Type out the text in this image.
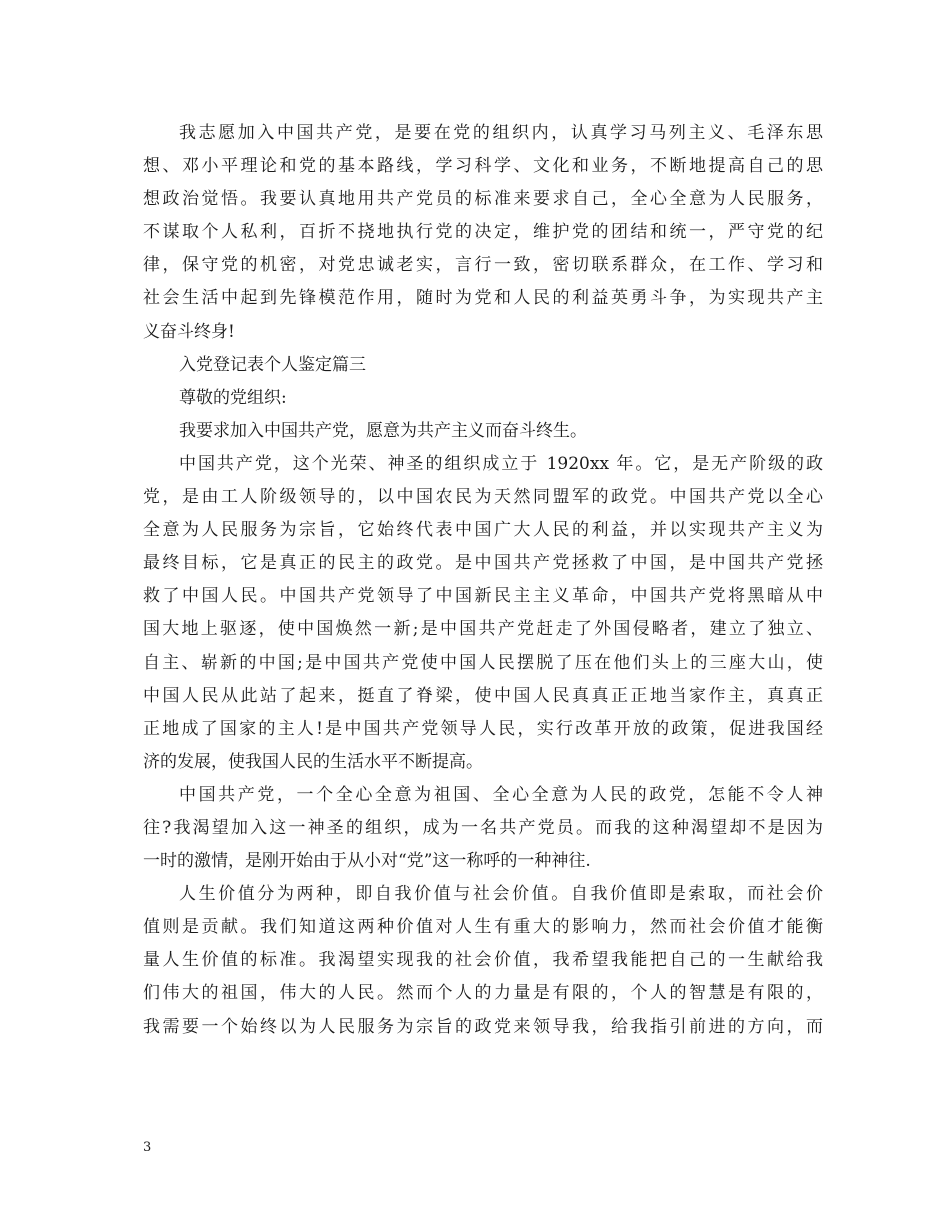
我志愿加入中国共产党，是要在党的组织内，认真学习马列主义、毛泽东思
想、邓小平理论和党的基本路线，学习科学、文化和业务，不断地提高自己的思
想政治觉悟。我要认真地用共产党员的标准来要求自己，全心全意为人民服务，
不谋取个人私利，百折不挠地执行党的决定，维护党的团结和统一，严守党的纪
律，保守党的机密，对党忠诚老实，言行一致，密切联系群众，在工作、学习和
社会生活中起到先锋模范作用，随时为党和人民的利益英勇斗争，为实现共产主
义奋斗终身!
入党登记表个人鉴定篇三
尊敬的党组织:
我要求加入中国共产党，愿意为共产主义而奋斗终生。
中国共产党，这个光荣、神圣的组织成立于 1920xx 年。它，是无产阶级的政
党，是由工人阶级领导的，以中国农民为天然同盟军的政党。中国共产党以全心
全意为人民服务为宗旨，它始终代表中国广大人民的利益，并以实现共产主义为
最终目标，它是真正的民主的政党。是中国共产党拯救了中国，是中国共产党拯
救了中国人民。中国共产党领导了中国新民主主义革命，中国共产党将黑暗从中
国大地上驱逐，使中国焕然一新;是中国共产党赶走了外国侵略者，建立了独立、
自主、崭新的中国;是中国共产党使中国人民摆脱了压在他们头上的三座大山，使
中国人民从此站了起来，挺直了脊梁，使中国人民真真正正地当家作主，真真正
正地成了国家的主人!是中国共产党领导人民，实行改革开放的政策，促进我国经
济的发展，使我国人民的生活水平不断提高。
中国共产党，一个全心全意为祖国、全心全意为人民的政党，怎能不令人神
往?我渴望加入这一神圣的组织，成为一名共产党员。而我的这种渴望却不是因为
一时的激情，是刚开始由于从小对“党”这一称呼的一种神往.
人生价值分为两种，即自我价值与社会价值。自我价值即是索取，而社会价
值则是贡献。我们知道这两种价值对人生有重大的影响力，然而社会价值才能衡
量人生价值的标准。我渴望实现我的社会价值，我希望我能把自己的一生献给我
们伟大的祖国，伟大的人民。然而个人的力量是有限的，个人的智慧是有限的，
我需要一个始终以为人民服务为宗旨的政党来领导我，给我指引前进的方向，而
3
